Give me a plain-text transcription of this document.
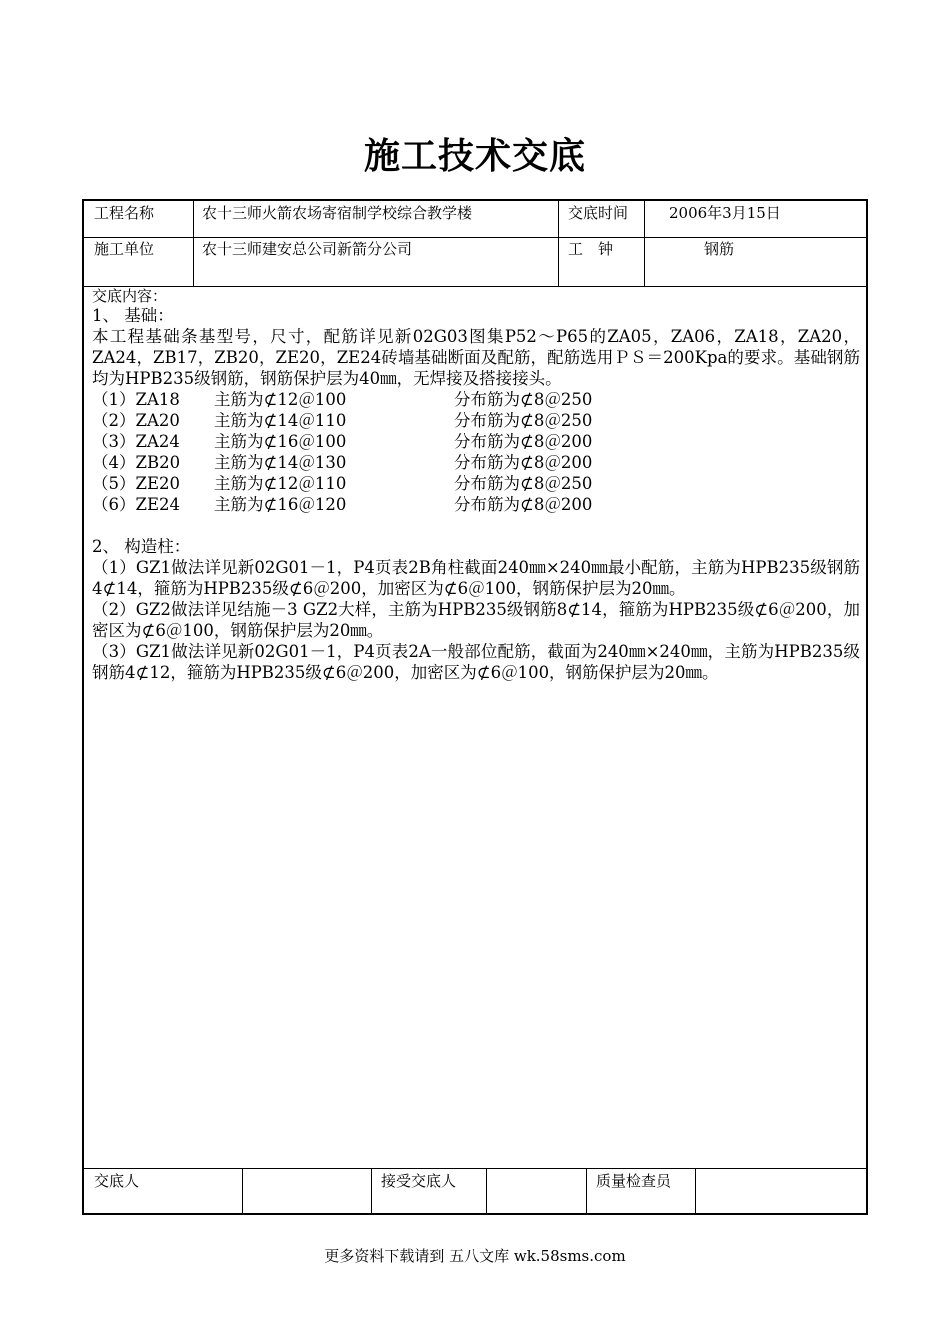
施工技术交底
工程名称	农十三师火箭农场寄宿制学校综合教学楼	交底时间	2006年3月15日
施工单位	农十三师建安总公司新箭分公司	工　钟	钢筋
交底内容：
1、 基础：
本工程基础条基型号，尺寸，配筋详见新02G03图集P52～P65的ZA05，ZA06，ZA18，ZA20，ZA24，ZB17，ZB20，ZE20，ZE24砖墙基础断面及配筋，配筋选用ＰＳ＝200Kpa的要求。基础钢筋均为HPB235级钢筋，钢筋保护层为40㎜，无焊接及搭接接头。
（1）ZA18	主筋为⊄12＠100	分布筋为⊄8＠250
（2）ZA20	主筋为⊄14＠110	分布筋为⊄8＠250
（3）ZA24	主筋为⊄16＠100	分布筋为⊄8＠200
（4）ZB20	主筋为⊄14＠130	分布筋为⊄8＠200
（5）ZE20	主筋为⊄12＠110	分布筋为⊄8＠250
（6）ZE24	主筋为⊄16＠120	分布筋为⊄8＠200
2、 构造柱：
（1）GZ1做法详见新02G01－1，P4页表2B角柱截面240㎜×240㎜最小配筋，主筋为HPB235级钢筋4⊄14，箍筋为HPB235级⊄6＠200，加密区为⊄6＠100，钢筋保护层为20㎜。
（2）GZ2做法详见结施－3 GZ2大样，主筋为HPB235级钢筋8⊄14，箍筋为HPB235级⊄6＠200，加密区为⊄6＠100，钢筋保护层为20㎜。
（3）GZ1做法详见新02G01－1，P4页表2A一般部位配筋，截面为240㎜×240㎜，主筋为HPB235级钢筋4⊄12，箍筋为HPB235级⊄6＠200，加密区为⊄6＠100，钢筋保护层为20㎜。
交底人	接受交底人	质量检查员
更多资料下载请到 五八文库 wk.58sms.com
